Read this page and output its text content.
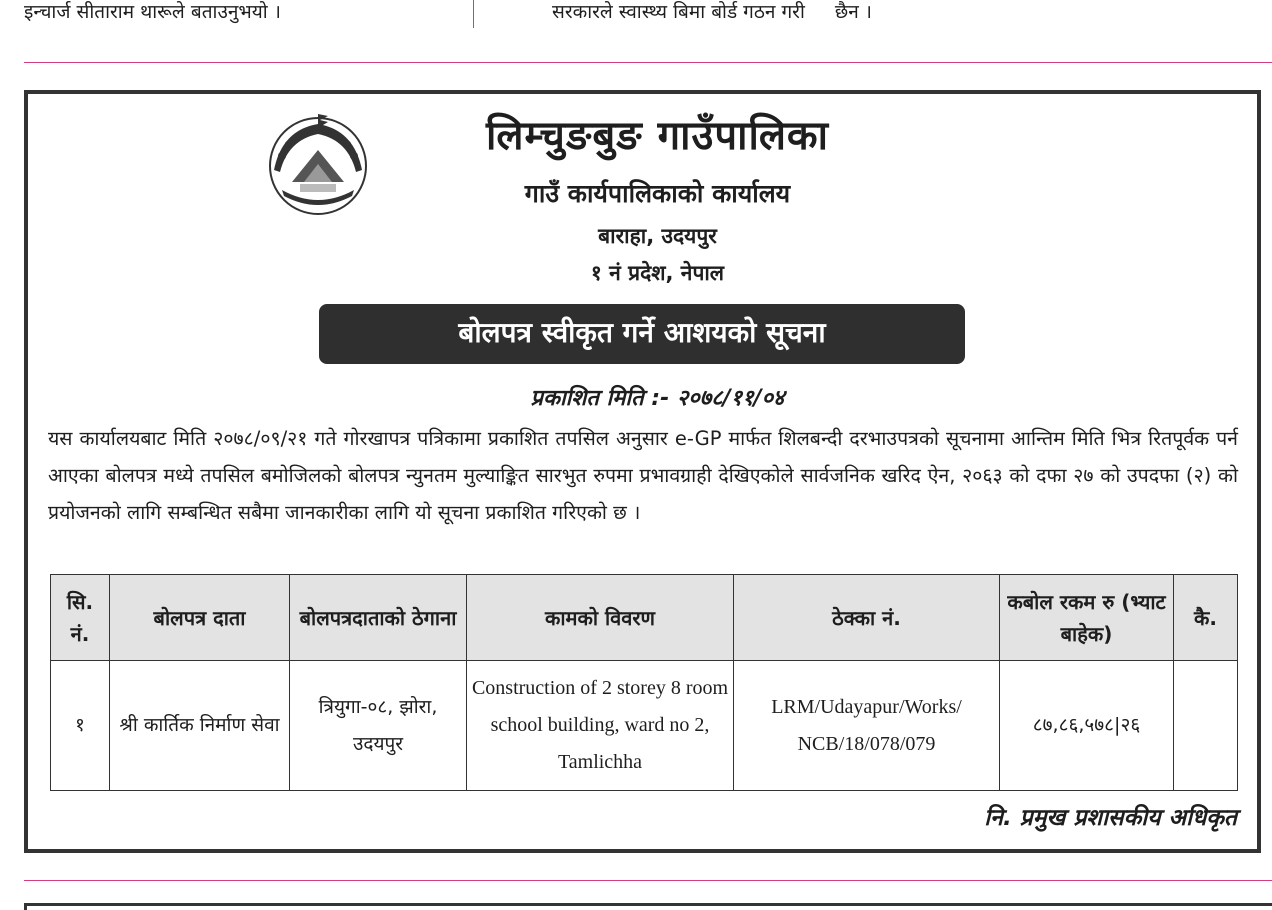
इन्चार्ज सीताराम थारूले बताउनुभयो ।	सरकारले स्वास्थ्य बिमा बोर्ड गठन गरी छैन ।
लिम्चुङबुङ गाउँपालिका
गाउँ कार्यपालिकाको कार्यालय
बाराहा, उदयपुर
१ नं प्रदेश, नेपाल
बोलपत्र स्वीकृत गर्ने आशयको सूचना
प्रकाशित मिति :- २०७८/११/०४
यस कार्यालयबाट मिति २०७८/०९/२१ गते गोरखापत्र पत्रिकामा प्रकाशित तपसिल अनुसार e-GP मार्फत शिलबन्दी दरभाउपत्रको सूचनामा आन्तिम मिति भित्र रितपूर्वक पर्न आएका बोलपत्र मध्ये तपसिल बमोजिलको बोलपत्र न्युनतम मुल्याङ्कित सारभुत रुपमा प्रभावग्राही देखिएकोले सार्वजनिक खरिद ऐन, २०६३ को दफा २७ को उपदफा (२) को प्रयोजनको लागि सम्बन्धित सबैमा जानकारीका लागि यो सूचना प्रकाशित गरिएको छ ।
सि. नं.	बोलपत्र दाता	बोलपत्रदाताको ठेगाना	कामको विवरण	ठेक्का नं.	कबोल रकम रु (भ्याट बाहेक)	कै.
१	श्री कार्तिक निर्माण सेवा	त्रियुगा-०८, झोरा, उदयपुर	Construction of 2 storey 8 room school building, ward no 2, Tamlichha	LRM/Udayapur/Works/ NCB/18/078/079	८७,८६,५७८|२६	
नि. प्रमुख प्रशासकीय अधिकृत
